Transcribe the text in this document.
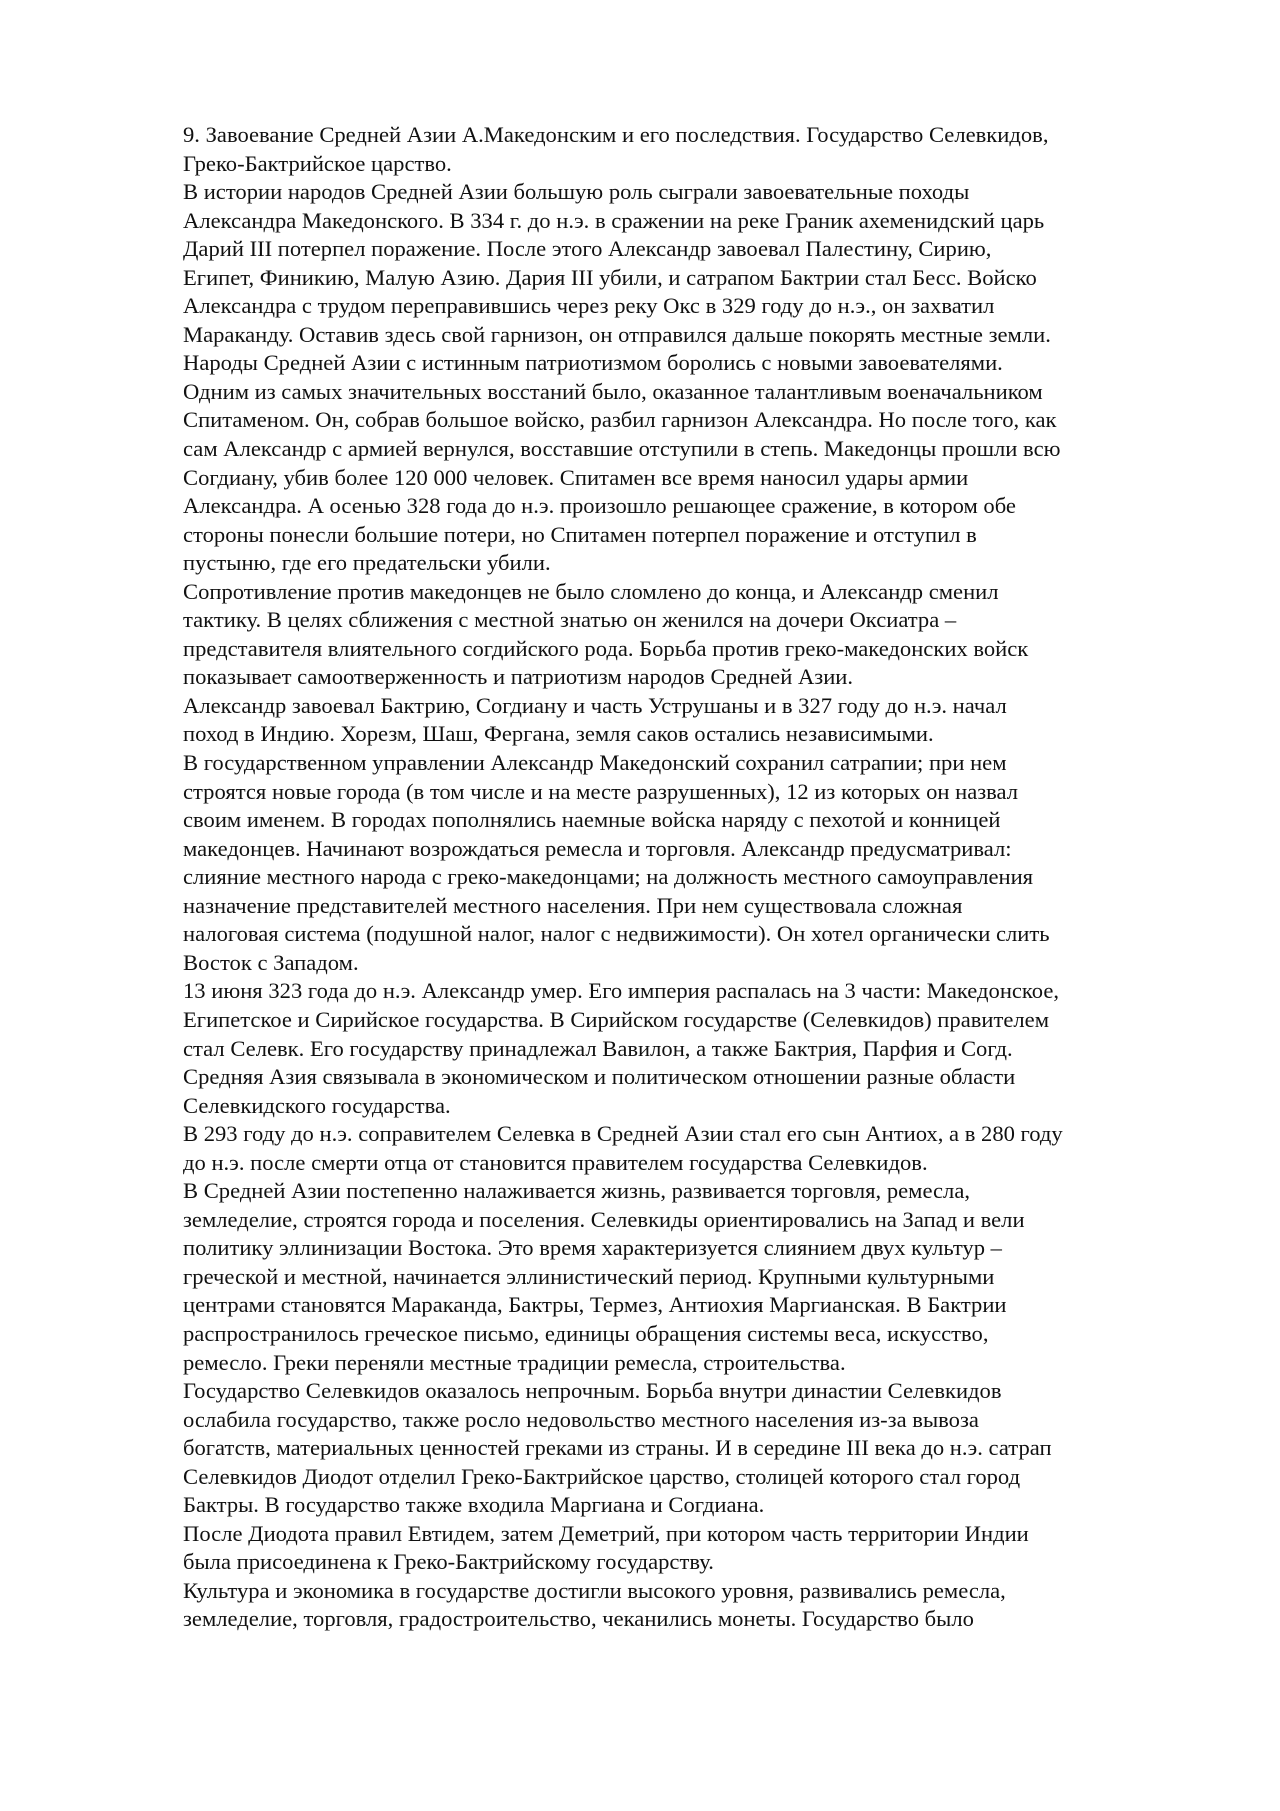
9. Завоевание Средней Азии А.Македонским и его последствия. Государство Селевкидов,
Греко-Бактрийское царство.
В истории народов Средней Азии большую роль сыграли завоевательные походы
Александра Македонского. В 334 г. до н.э. в сражении на реке Граник ахеменидский царь
Дарий III потерпел поражение. После этого Александр завоевал Палестину, Сирию,
Египет, Финикию, Малую Азию. Дария III убили, и сатрапом Бактрии стал Бесс. Войско
Александра с трудом переправившись через реку Окс в 329 году до н.э., он захватил
Мараканду. Оставив здесь свой гарнизон, он отправился дальше покорять местные земли.
Народы Средней Азии с истинным патриотизмом боролись с новыми завоевателями.
Одним из самых значительных восстаний было, оказанное талантливым военачальником
Спитаменом. Он, собрав большое войско, разбил гарнизон Александра. Но после того, как
сам Александр с армией вернулся, восставшие отступили в степь. Македонцы прошли всю
Согдиану, убив более 120 000 человек. Спитамен все время наносил удары армии
Александра. А осенью 328 года до н.э. произошло решающее сражение, в котором обе
стороны понесли большие потери, но Спитамен потерпел поражение и отступил в
пустыню, где его предательски убили.
Сопротивление против македонцев не было сломлено до конца, и Александр сменил
тактику. В целях сближения с местной знатью он женился на дочери Оксиатра –
представителя влиятельного согдийского рода. Борьба против греко-македонских войск
показывает самоотверженность и патриотизм народов Средней Азии.
Александр завоевал Бактрию, Согдиану и часть Уструшаны и в 327 году до н.э. начал
поход в Индию. Хорезм, Шаш, Фергана, земля саков остались независимыми.
В государственном управлении Александр Македонский сохранил сатрапии; при нем
строятся новые города (в том числе и на месте разрушенных), 12 из которых он назвал
своим именем. В городах пополнялись наемные войска наряду с пехотой и конницей
македонцев. Начинают возрождаться ремесла и торговля. Александр предусматривал:
слияние местного народа с греко-македонцами; на должность местного самоуправления
назначение представителей местного населения. При нем существовала сложная
налоговая система (подушной налог, налог с недвижимости). Он хотел органически слить
Восток с Западом.
13 июня 323 года до н.э. Александр умер. Его империя распалась на 3 части: Македонское,
Египетское и Сирийское государства. В Сирийском государстве (Селевкидов) правителем
стал Селевк. Его государству принадлежал Вавилон, а также Бактрия, Парфия и Согд.
Средняя Азия связывала в экономическом и политическом отношении разные области
Селевкидского государства.
В 293 году до н.э. соправителем Селевка в Средней Азии стал его сын Антиох, а в 280 году
до н.э. после смерти отца от становится правителем государства Селевкидов.
В Средней Азии постепенно налаживается жизнь, развивается торговля, ремесла,
земледелие, строятся города и поселения. Селевкиды ориентировались на Запад и вели
политику эллинизации Востока. Это время характеризуется слиянием двух культур –
греческой и местной, начинается эллинистический период. Крупными культурными
центрами становятся Мараканда, Бактры, Термез, Антиохия Маргианская. В Бактрии
распространилось греческое письмо, единицы обращения системы веса, искусство,
ремесло. Греки переняли местные традиции ремесла, строительства.
Государство Селевкидов оказалось непрочным. Борьба внутри династии Селевкидов
ослабила государство, также росло недовольство местного населения из-за вывоза
богатств, материальных ценностей греками из страны. И в середине III века до н.э. сатрап
Селевкидов Диодот отделил Греко-Бактрийское царство, столицей которого стал город
Бактры. В государство также входила Маргиана и Согдиана.
После Диодота правил Евтидем, затем Деметрий, при котором часть территории Индии
была присоединена к Греко-Бактрийскому государству.
Культура и экономика в государстве достигли высокого уровня, развивались ремесла,
земледелие, торговля, градостроительство, чеканились монеты. Государство было
